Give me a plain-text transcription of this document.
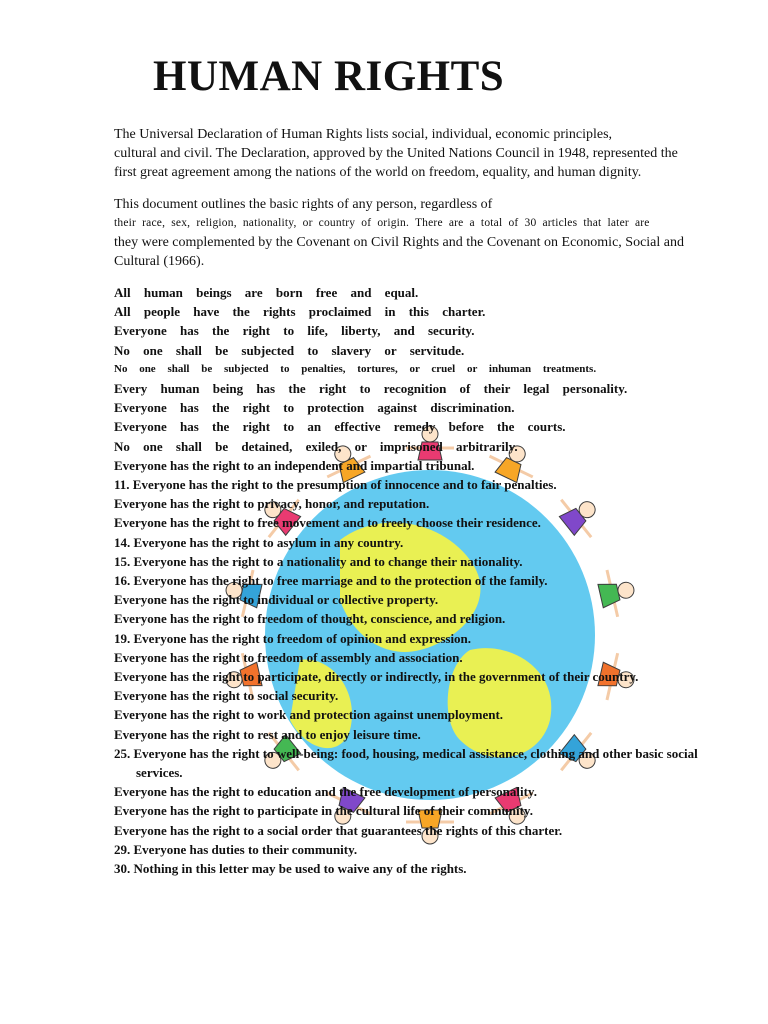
HUMAN RIGHTS

The Universal Declaration of Human Rights lists social, individual, economic principles,
cultural and civil. The Declaration, approved by the United Nations Council in 1948, represented the
first great agreement among the nations of the world on freedom, equality, and human dignity.

This document outlines the basic rights of any person, regardless of

their race, sex, religion, nationality, or country of origin. There are a total of 30 articles that later are
they were complemented by the Covenant on Civil Rights and the Covenant on Economic, Social and
Cultural (1966).

All human beings are born free and equal.
All people have the rights proclaimed in this charter.
Everyone has the right to life, liberty, and security.
No one shall be subjected to slavery or servitude.
No one shall be subjected to penalties, tortures, or cruel or inhuman treatments.
Every human being has the right to recognition of their legal personality.
Everyone has the right to protection against discrimination.
Everyone has the right to an effective remedy before the courts.
No one shall be detained, exiled, or imprisoned arbitrarily.
Everyone has the right to an independent and impartial tribunal.
11. Everyone has the right to the presumption of innocence and to fair penalties.
Everyone has the right to privacy, honor, and reputation.
Everyone has the right to free movement and to freely choose their residence.
14. Everyone has the right to asylum in any country.
15. Everyone has the right to a nationality and to change their nationality.
16. Everyone has the right to free marriage and to the protection of the family.
Everyone has the right to individual or collective property.
Everyone has the right to freedom of thought, conscience, and religion.
19. Everyone has the right to freedom of opinion and expression.
Everyone has the right to freedom of assembly and association.
Everyone has the right to participate, directly or indirectly, in the government of their country.
Everyone has the right to social security.
Everyone has the right to work and protection against unemployment.
Everyone has the right to rest and to enjoy leisure time.
25. Everyone has the right to well-being: food, housing, medical assistance, clothing and other basic social services.
Everyone has the right to education and the free development of personality.
Everyone has the right to participate in the cultural life of their community.
Everyone has the right to a social order that guarantees the rights of this charter.
29. Everyone has duties to their community.
30. Nothing in this letter may be used to waive any of the rights.
